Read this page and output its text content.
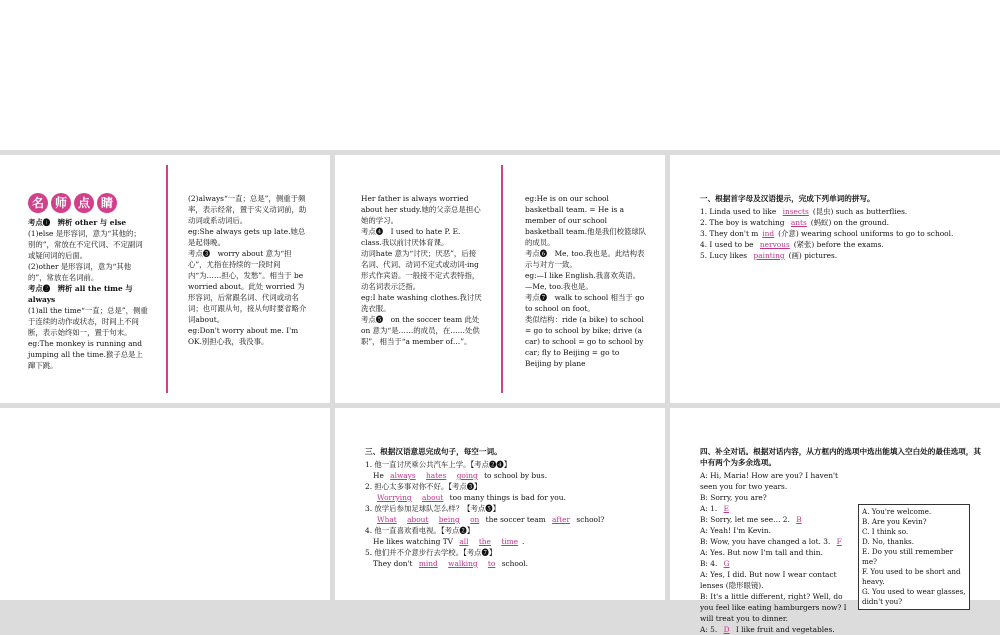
名 师 点 睛

考点❶　辨析 other 与 else

(1)else 是形容词，意为“其他的；别的”，常放在不定代词、不定副词或疑问词的后面。

(2)other 是形容词，意为“其他的”，常放在名词前。

考点❷　辨析 all the time 与 always

(1)all the time“一直；总是”，侧重于连续的动作或状态，时间上不间断，表示始终如一，置于句末。

eg:The monkey is running and jumping all the time.猴子总是上蹿下跳。

(2)always“一直；总是”，侧重于频率，表示经常，置于实义动词前，助动词或系动词后。

eg:She always gets up late.她总是起得晚。

考点❸　worry about 意为“担心”，尤指在持续的一段时间内“为……担心，发愁”。相当于 be worried about。此处 worried 为形容词，后常跟名词、代词或动名词；也可跟从句，接从句时要省略介词about。

eg:Don't worry about me. I'm OK.别担心我，我没事。

Her father is always worried about her study.她的父亲总是担心她的学习。

考点❹　I used to hate P. E. class.我以前讨厌体育课。

动词hate 意为“讨厌；厌恶”，后接名词、代词、动词不定式或动词-ing 形式作宾语。一般接不定式表特指，动名词表示泛指。

eg:I hate washing clothes.我讨厌洗衣服。

考点❺　on the soccer team 此处 on 意为“是……的成员，在……处供职”，相当于“a member of…”。

eg:He is on our school basketball team. = He is a member of our school basketball team.他是我们校篮球队的成员。

考点❻　Me, too.我也是。此结构表示与对方一致。

eg:—I like English.我喜欢英语。

—Me, too.我也是。

考点❼　walk to school 相当于 go to school on foot。

类似结构：ride (a bike) to school = go to school by bike; drive (a car) to school = go to school by car; fly to Beijing = go to Beijing by plane

一、根据首字母及汉语提示，完成下列单词的拼写。

1. Linda used to like insects (昆虫) such as butterflies.

2. The boy is watching ants (蚂蚁) on the ground.

3. They don't m ind (介意) wearing school uniforms to go to school.

4. I used to be nervous (紧张) before the exams.

5. Lucy likes painting (画) pictures.

三、根据汉语意思完成句子，每空一词。

1. 他一直讨厌乘公共汽车上学。【考点❷❹】

He always hates going to school by bus.

2. 担心太多事对你不好。【考点❸】

Worrying about too many things is bad for you.

3. 放学后参加足球队怎么样？【考点❺】

What about being on the soccer team after school?

4. 他一直喜欢看电视。【考点❷】

He likes watching TV all the time .

5. 他们并不介意步行去学校。【考点❼】

They don't mind walking to school.

四、补全对话。根据对话内容，从方框内的选项中选出能填入空白处的最佳选项，其中有两个为多余选项。

A: Hi, Maria! How are you? I haven't seen you for two years.

B: Sorry, you are?

A: 1. E

B: Sorry, let me see… 2. B

A: Yeah! I'm Kevin.

B: Wow, you have changed a lot. 3. F

A: Yes. But now I'm tall and thin.

B: 4. G

A: Yes, I did. But now I wear contact lenses (隐形眼镜).

B: It's a little different, right? Well, do you feel like eating hamburgers now? I will treat you to dinner.

A: 5. D I like fruit and vegetables.

A. You're welcome.

B. Are you Kevin?

C. I think so.

D. No, thanks.

E. Do you still remember me?

F. You used to be short and heavy.

G. You used to wear glasses, didn't you?
